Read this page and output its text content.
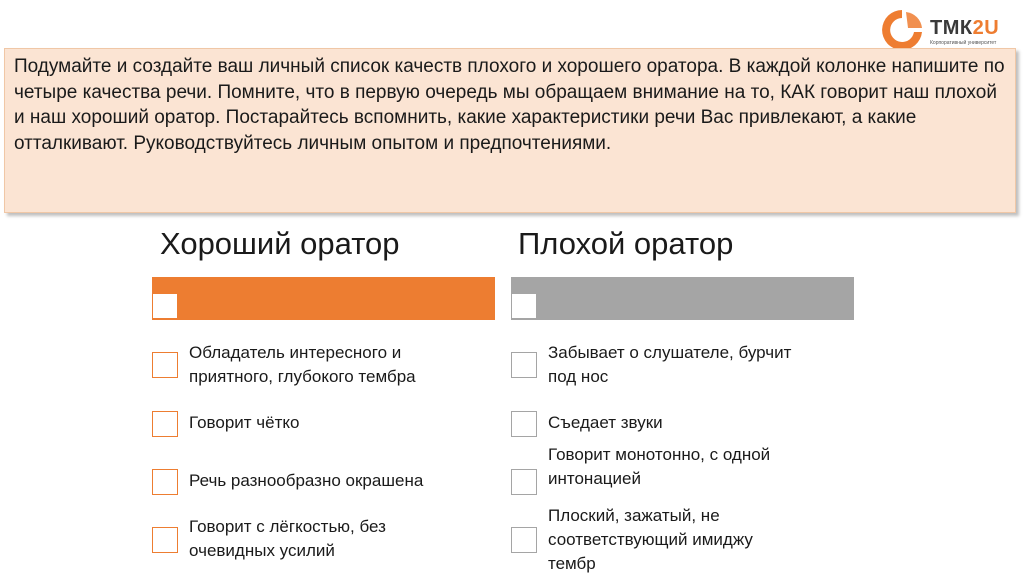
ТМК2U
Корпоративный университет
Подумайте и создайте ваш личный список качеств плохого и хорошего оратора. В каждой колонке напишите по четыре качества речи. Помните, что в первую очередь мы обращаем внимание на то, КАК говорит наш плохой и наш хороший оратор. Постарайтесь вспомнить, какие характеристики речи Вас привлекают, а какие отталкивают. Руководствуйтесь личным опытом и предпочтениями.
Хороший оратор	Плохой оратор
Обладатель интересного и
приятного, глубокого тембра
Говорит чётко
Речь разнообразно окрашена
Говорит с лёгкостью, без
очевидных усилий
Забывает о слушателе, бурчит
под нос
Съедает звуки
Говорит монотонно, с одной
интонацией
Плоский, зажатый, не
соответствующий имиджу
тембр
